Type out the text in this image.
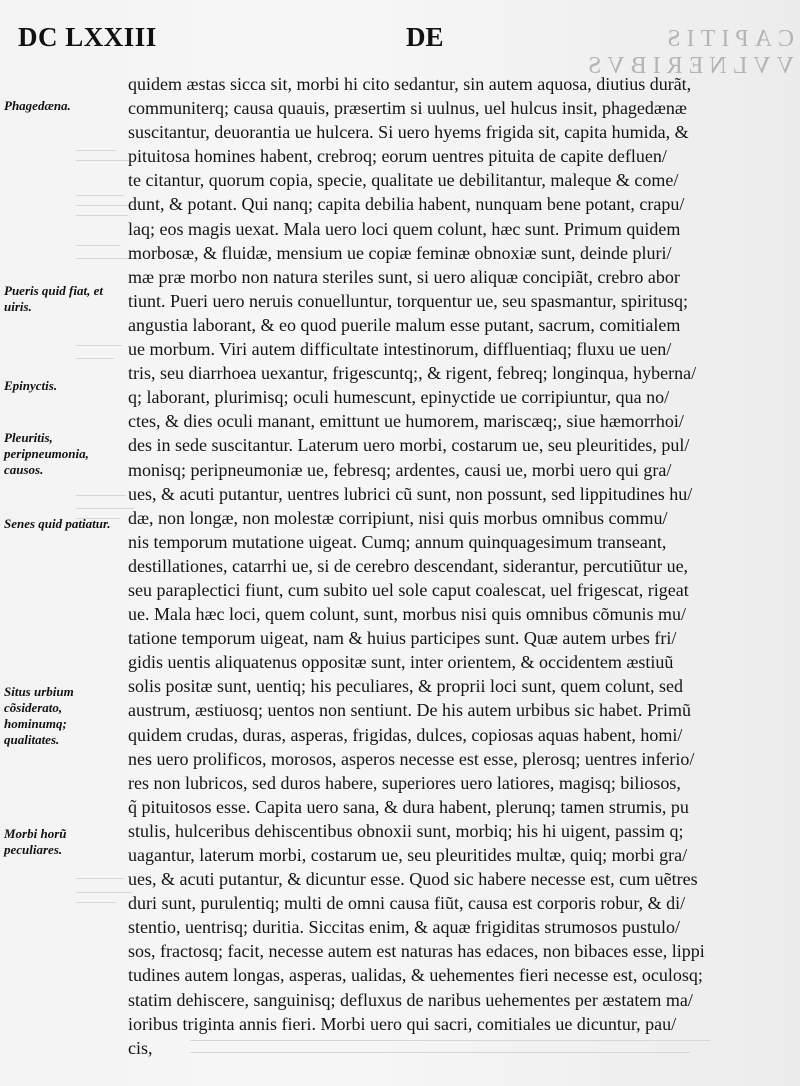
DC LXXIII	DE	CAPITIS VVLNERIBVS
Phagedæna.
Pueris quid fiat, et uiris.
Epinyctis.
Pleuritis, peripneumonia, causos.
Senes quid patiatur.
Situs urbium cõsiderato, hominumq; qualitates.
Morbi horũ peculiares.
quidem æstas sicca sit, morbi hi cito sedantur, sin autem aquosa, diutius durãt,
communiterq; causa quauis, præsertim si uulnus, uel hulcus insit, phagedænæ
suscitantur, deuorantia ue hulcera. Si uero hyems frigida sit, capita humida, &
pituitosa homines habent, crebroq; eorum uentres pituita de capite defluen/
te citantur, quorum copia, specie, qualitate ue debilitantur, maleque & come/
dunt, & potant. Qui nanq; capita debilia habent, nunquam bene potant, crapu/
laq; eos magis uexat. Mala uero loci quem colunt, hæc sunt. Primum quidem
morbosæ, & fluidæ, mensium ue copiæ feminæ obnoxiæ sunt, deinde pluri/
mæ præ morbo non natura steriles sunt, si uero aliquæ concipiãt, crebro abor
tiunt. Pueri uero neruis conuelluntur, torquentur ue, seu spasmantur, spiritusq;
angustia laborant, & eo quod puerile malum esse putant, sacrum, comitialem
ue morbum. Viri autem difficultate intestinorum, diffluentiaq; fluxu ue uen/
tris, seu diarrhoea uexantur, frigescuntq;, & rigent, febreq; longinqua, hyberna/
q; laborant, plurimisq; oculi humescunt, epinyctide ue corripiuntur, qua no/
ctes, & dies oculi manant, emittunt ue humorem, mariscæq;, siue hæmorrhoi/
des in sede suscitantur. Laterum uero morbi, costarum ue, seu pleuritides, pul/
monisq; peripneumoniæ ue, febresq; ardentes, causi ue, morbi uero qui gra/
ues, & acuti putantur, uentres lubrici cũ sunt, non possunt, sed lippitudines hu/
dæ, non longæ, non molestæ corripiunt, nisi quis morbus omnibus commu/
nis temporum mutatione uigeat. Cumq; annum quinquagesimum transeant,
destillationes, catarrhi ue, si de cerebro descendant, siderantur, percutiũtur ue,
seu paraplectici fiunt, cum subito uel sole caput coalescat, uel frigescat, rigeat
ue. Mala hæc loci, quem colunt, sunt, morbus nisi quis omnibus cõmunis mu/
tatione temporum uigeat, nam & huius participes sunt. Quæ autem urbes fri/
gidis uentis aliquatenus oppositæ sunt, inter orientem, & occidentem æstiuũ
solis positæ sunt, uentiq; his peculiares, & proprii loci sunt, quem colunt, sed
austrum, æstiuosq; uentos non sentiunt. De his autem urbibus sic habet. Primũ
quidem crudas, duras, asperas, frigidas, dulces, copiosas aquas habent, homi/
nes uero prolificos, morosos, asperos necesse est esse, plerosq; uentres inferio/
res non lubricos, sed duros habere, superiores uero latiores, magisq; biliosos,
q̃ pituitosos esse. Capita uero sana, & dura habent, plerunq; tamen strumis, pu
stulis, hulceribus dehiscentibus obnoxii sunt, morbiq; his hi uigent, passim q;
uagantur, laterum morbi, costarum ue, seu pleuritides multæ, quiq; morbi gra/
ues, & acuti putantur, & dicuntur esse. Quod sic habere necesse est, cum uẽtres
duri sunt, purulentiq; multi de omni causa fiũt, causa est corporis robur, & di/
stentio, uentrisq; duritia. Siccitas enim, & aquæ frigiditas strumosos pustulo/
sos, fractosq; facit, necesse autem est naturas has edaces, non bibaces esse, lippi
tudines autem longas, asperas, ualidas, & uehementes fieri necesse est, oculosq;
statim dehiscere, sanguinisq; defluxus de naribus uehementes per æstatem ma/
ioribus triginta annis fieri. Morbi uero qui sacri, comitiales ue dicuntur, pau/
cis,
